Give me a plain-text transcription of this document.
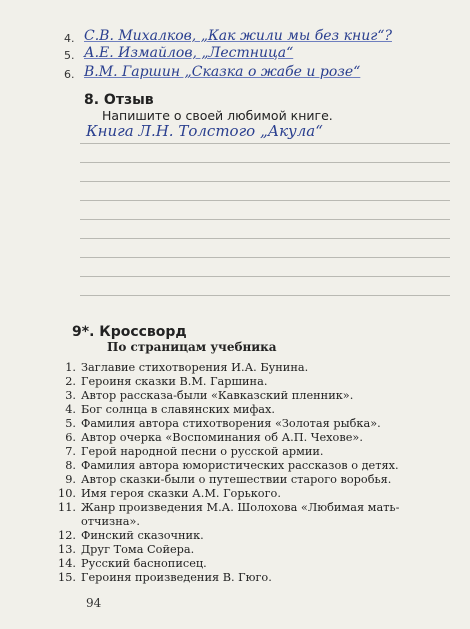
4. С.В. Михалков, „Как жили мы без книг“?
5. А.Е. Измайлов, „Лестница“
6. В.М. Гаршин „Сказка о жабе и розе“
8. Отзыв
Напишите о своей любимой книге.
Книга Л.Н. Толстого „Акула“
9*. Кроссворд
По страницам учебника
1. Заглавие стихотворения И.А. Бунина.
2. Героиня сказки В.М. Гаршина.
3. Автор рассказа-были «Кавказский пленник».
4. Бог солнца в славянских мифах.
5. Фамилия автора стихотворения «Золотая рыбка».
6. Автор очерка «Воспоминания об А.П. Чехове».
7. Герой народной песни о русской армии.
8. Фамилия автора юмористических рассказов о детях.
9. Автор сказки-были о путешествии старого воробья.
10. Имя героя сказки А.М. Горького.
11. Жанр произведения М.А. Шолохова «Любимая мать-
отчизна».
12. Финский сказочник.
13. Друг Тома Сойера.
14. Русский баснописец.
15. Героиня произведения В. Гюго.
94
